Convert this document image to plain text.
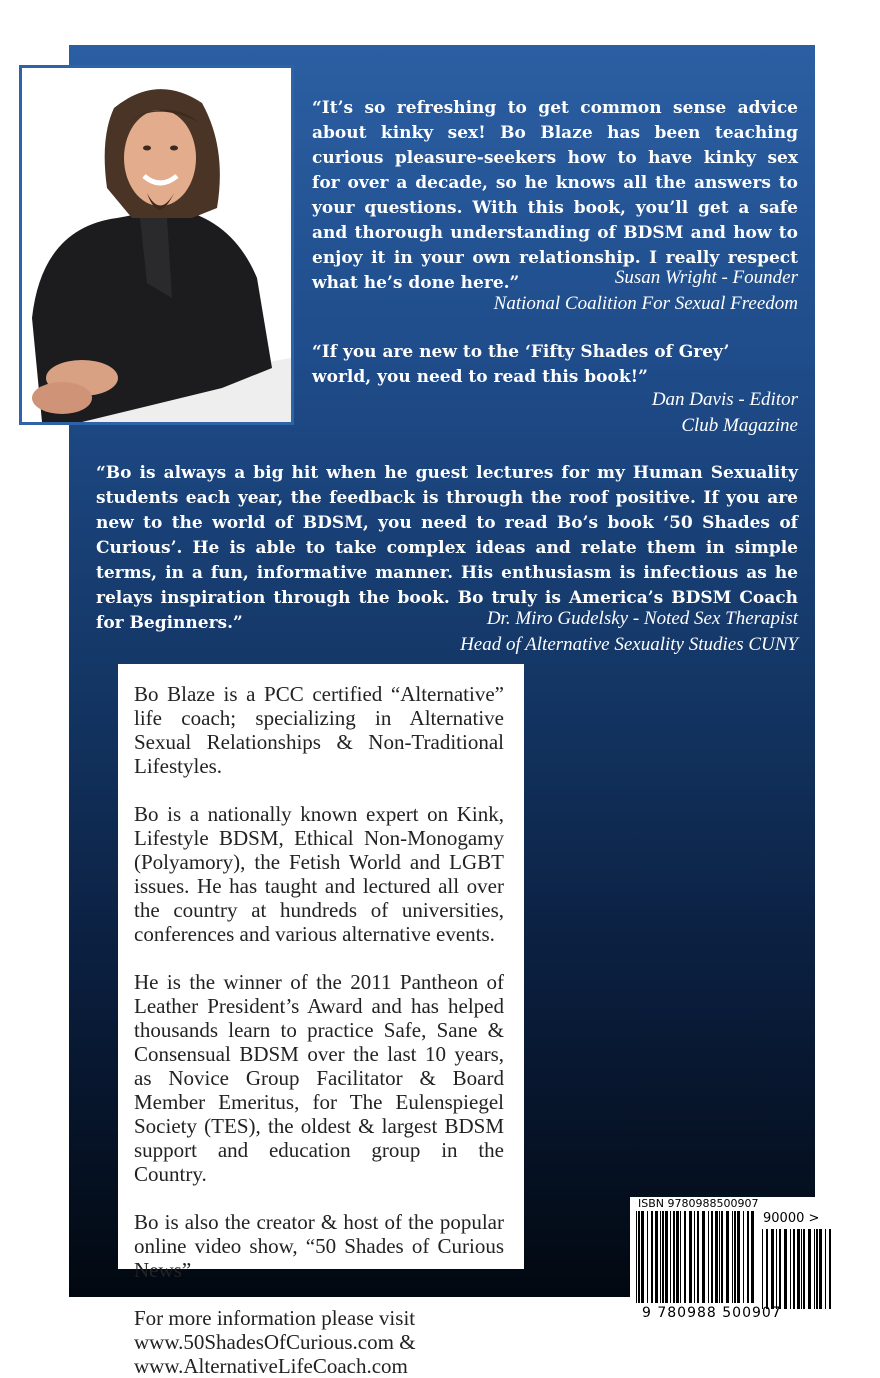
“It’s so refreshing to get common sense advice about kinky sex! Bo Blaze has been teaching curious pleasure-seekers how to have kinky sex for over a decade, so he knows all the answers to your questions. With this book, you’ll get a safe and thorough understanding of BDSM and how to enjoy it in your own relationship. I really respect what he’s done here.”	Susan Wright - Founder
National Coalition For Sexual Freedom

“If you are new to the ‘Fifty Shades of Grey’ world, you need to read this book!”

Dan Davis - Editor
Club Magazine

“Bo is always a big hit when he guest lectures for my Human Sexuality students each year, the feedback is through the roof positive. If you are new to the world of BDSM, you need to read Bo’s book ‘50 Shades of Curious’. He is able to take complex ideas and relate them in simple terms, in a fun, informative manner. His enthusiasm is infectious as he relays inspiration through the book. Bo truly is America’s BDSM Coach for Beginners.”	Dr. Miro Gudelsky - Noted Sex Therapist
Head of Alternative Sexuality Studies CUNY

Bo Blaze is a PCC certified “Alternative” life coach; specializing in Alternative Sexual Relationships & Non-Traditional Lifestyles.

Bo is a nationally known expert on Kink, Lifestyle BDSM, Ethical Non-Monogamy (Polyamory), the Fetish World and LGBT issues. He has taught and lectured all over the country at hundreds of universities, conferences and various alternative events.

He is the winner of the 2011 Pantheon of Leather President’s Award and has helped thousands learn to practice Safe, Sane & Consensual BDSM over the last 10 years, as Novice Group Facilitator & Board Member Emeritus, for The Eulenspiegel Society (TES), the oldest & largest BDSM support and education group in the Country.

Bo is also the creator & host of the popular online video show, “50 Shades of Curious News”

For more information please visit
www.50ShadesOfCurious.com &
www.AlternativeLifeCoach.com

ISBN 9780988500907
90000 >
9 780988 500907
